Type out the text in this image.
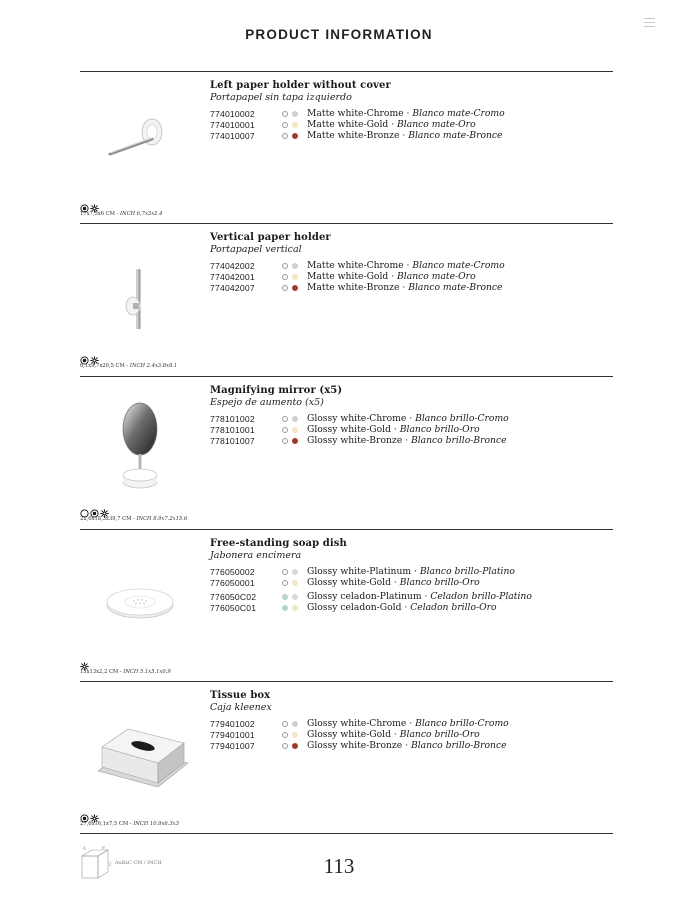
PRODUCT INFORMATION
Left paper holder without cover
Portapapel sin tapa izquierdo
774010002	Matte white-Chrome · Blanco mate-Cromo
774010001	Matte white-Gold · Blanco mate-Oro
774010007	Matte white-Bronze · Blanco mate-Bronce
17x7,5x6 CM - INCH 6,7x3x2.4
Vertical paper holder
Portapapel vertical
774042002	Matte white-Chrome · Blanco mate-Cromo
774042001	Matte white-Gold · Blanco mate-Oro
774042007	Matte white-Bronze · Blanco mate-Bronce
6,1x9,7x20,5 CM - INCH 2.4x3.8x8.1
Magnifying mirror (x5)
Espejo de aumento (x5)
778101002	Glossy white-Chrome · Blanco brillo-Cromo
778101001	Glossy white-Gold · Blanco brillo-Oro
778101007	Glossy white-Bronze · Blanco brillo-Bronce
22,6x18,3x39,7 CM - INCH 8.9x7.2x15.6
Free-standing soap dish
Jabonera encimera
776050002	Glossy white-Platinum · Blanco brillo-Platino
776050001	Glossy white-Gold · Blanco brillo-Oro
776050C02	Glossy celadon-Platinum · Celadon brillo-Platino
776050C01	Glossy celadon-Gold · Celadon brillo-Oro
13x13x2,2 CM - INCH 5.1x5.1x0.9
Tissue box
Caja kleenex
779401002	Glossy white-Chrome · Blanco brillo-Cromo
779401001	Glossy white-Gold · Blanco brillo-Oro
779401007	Glossy white-Bronze · Blanco brillo-Bronce
27,6x16,1x7,5 CM - INCH 10.9x6.3x3
A	B
C AxBxC CM / INCH	113
